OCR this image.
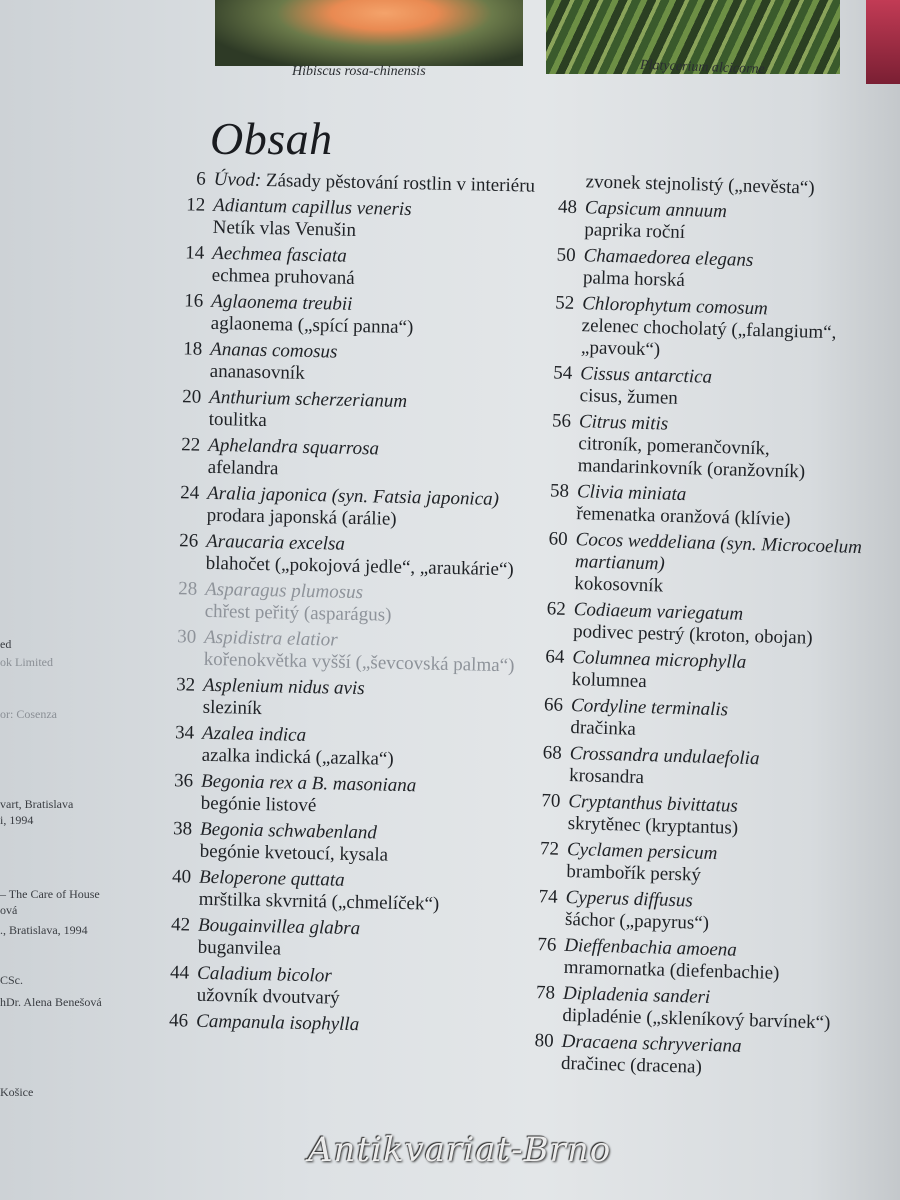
Hibiscus rosa-chinensis	Platycerium alcicorne
Obsah
ed
ok Limited
or: Cosenza
vart, Bratislava
i, 1994
– The Care of House
ová
., Bratislava, 1994
CSc.
hDr. Alena Benešová
Košice
6 Úvod: Zásady pěstování rostlin v interiéru
12 Adiantum capillus veneris
Netík vlas Venušin
14 Aechmea fasciata
echmea pruhovaná
16 Aglaonema treubii
aglaonema („spící panna“)
18 Ananas comosus
ananasovník
20 Anthurium scherzerianum
toulitka
22 Aphelandra squarrosa
afelandra
24 Aralia japonica (syn. Fatsia japonica)
prodara japonská (arálie)
26 Araucaria excelsa
blahočet („pokojová jedle“, „araukárie“)
28 Asparagus plumosus
chřest peřitý (asparágus)
30 Aspidistra elatior
kořenokvětka vyšší („ševcovská palma“)
32 Asplenium nidus avis
sleziník
34 Azalea indica
azalka indická („azalka“)
36 Begonia rex a B. masoniana
begónie listové
38 Begonia schwabenland
begónie kvetoucí, kysala
40 Beloperone quttata
mrštilka skvrnitá („chmelíček“)
42 Bougainvillea glabra
buganvilea
44 Caladium bicolor
užovník dvoutvarý
46 Campanula isophylla
zvonek stejnolistý („nevěsta“)
48 Capsicum annuum
paprika roční
50 Chamaedorea elegans
palma horská
52 Chlorophytum comosum
zelenec chocholatý („falangium“, „pavouk“)
54 Cissus antarctica
cisus, žumen
56 Citrus mitis
citroník, pomerančovník, mandarinkovník (oranžovník)
58 Clivia miniata
řemenatka oranžová (klívie)
60 Cocos weddeliana (syn. Microcoelum martianum)
kokosovník
62 Codiaeum variegatum
podivec pestrý (kroton, obojan)
64 Columnea microphylla
kolumnea
66 Cordyline terminalis
dračinka
68 Crossandra undulaefolia
krosandra
70 Cryptanthus bivittatus
skrytěnec (kryptantus)
72 Cyclamen persicum
brambořík perský
74 Cyperus diffusus
šáchor („papyrus“)
76 Dieffenbachia amoena
mramornatka (diefenbachie)
78 Dipladenia sanderi
dipladénie („skleníkový barvínek“)
80 Dracaena schryveriana
dračinec (dracena)
Antikvariat-Brno
